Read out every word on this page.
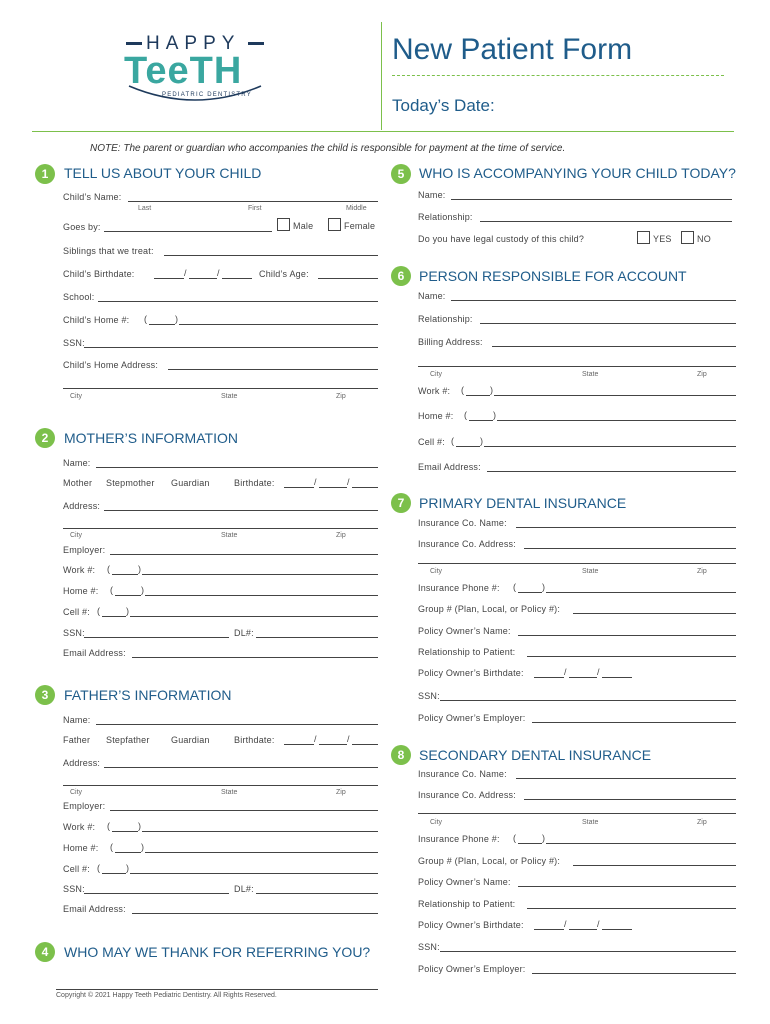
HAPPY
TeeTH
PEDIATRIC DENTISTRY
New Patient Form
Today’s Date:
NOTE: The parent or guardian who accompanies the child is responsible for payment at the time of service.
1	TELL US ABOUT YOUR CHILD
Child’s Name:
Last	First	Middle
Goes by:	Male	Female
Siblings that we treat:
Child’s Birthdate:	/	/	Child’s Age:
School:
Child’s Home #: (	)
SSN:
Child’s Home Address:
City	State	Zip
2	MOTHER’S INFORMATION
Name:
Mother Stepmother Guardian	Birthdate:	/	/
Address:
City	State	Zip
Employer:
Work #: (	)
Home #: (	)
Cell #: (	)
SSN:	DL#:
Email Address:
3	FATHER’S INFORMATION
Name:
Father Stepfather Guardian	Birthdate:	/	/
Address:
City	State	Zip
Employer:
Work #: (	)
Home #: (	)
Cell #: (	)
SSN:	DL#:
Email Address:
4	WHO MAY WE THANK FOR REFERRING YOU?
5	WHO IS ACCOMPANYING YOUR CHILD TODAY?
Name:
Relationship:
Do you have legal custody of this child?	YES	NO
6	PERSON RESPONSIBLE FOR ACCOUNT
Name:
Relationship:
Billing Address:
City	State	Zip
Work #: (	)
Home #: (	)
Cell #: (	)
Email Address:
7	PRIMARY DENTAL INSURANCE
Insurance Co. Name:
Insurance Co. Address:
City	State	Zip
Insurance Phone #: (	)
Group # (Plan, Local, or Policy #):
Policy Owner’s Name:
Relationship to Patient:
Policy Owner’s Birthdate:	/	/
SSN:
Policy Owner’s Employer:
8	SECONDARY DENTAL INSURANCE
Insurance Co. Name:
Insurance Co. Address:
City	State	Zip
Insurance Phone #: (	)
Group # (Plan, Local, or Policy #):
Policy Owner’s Name:
Relationship to Patient:
Policy Owner’s Birthdate:	/	/
SSN:
Policy Owner’s Employer:
Copyright © 2021 Happy Teeth Pediatric Dentistry. All Rights Reserved.
